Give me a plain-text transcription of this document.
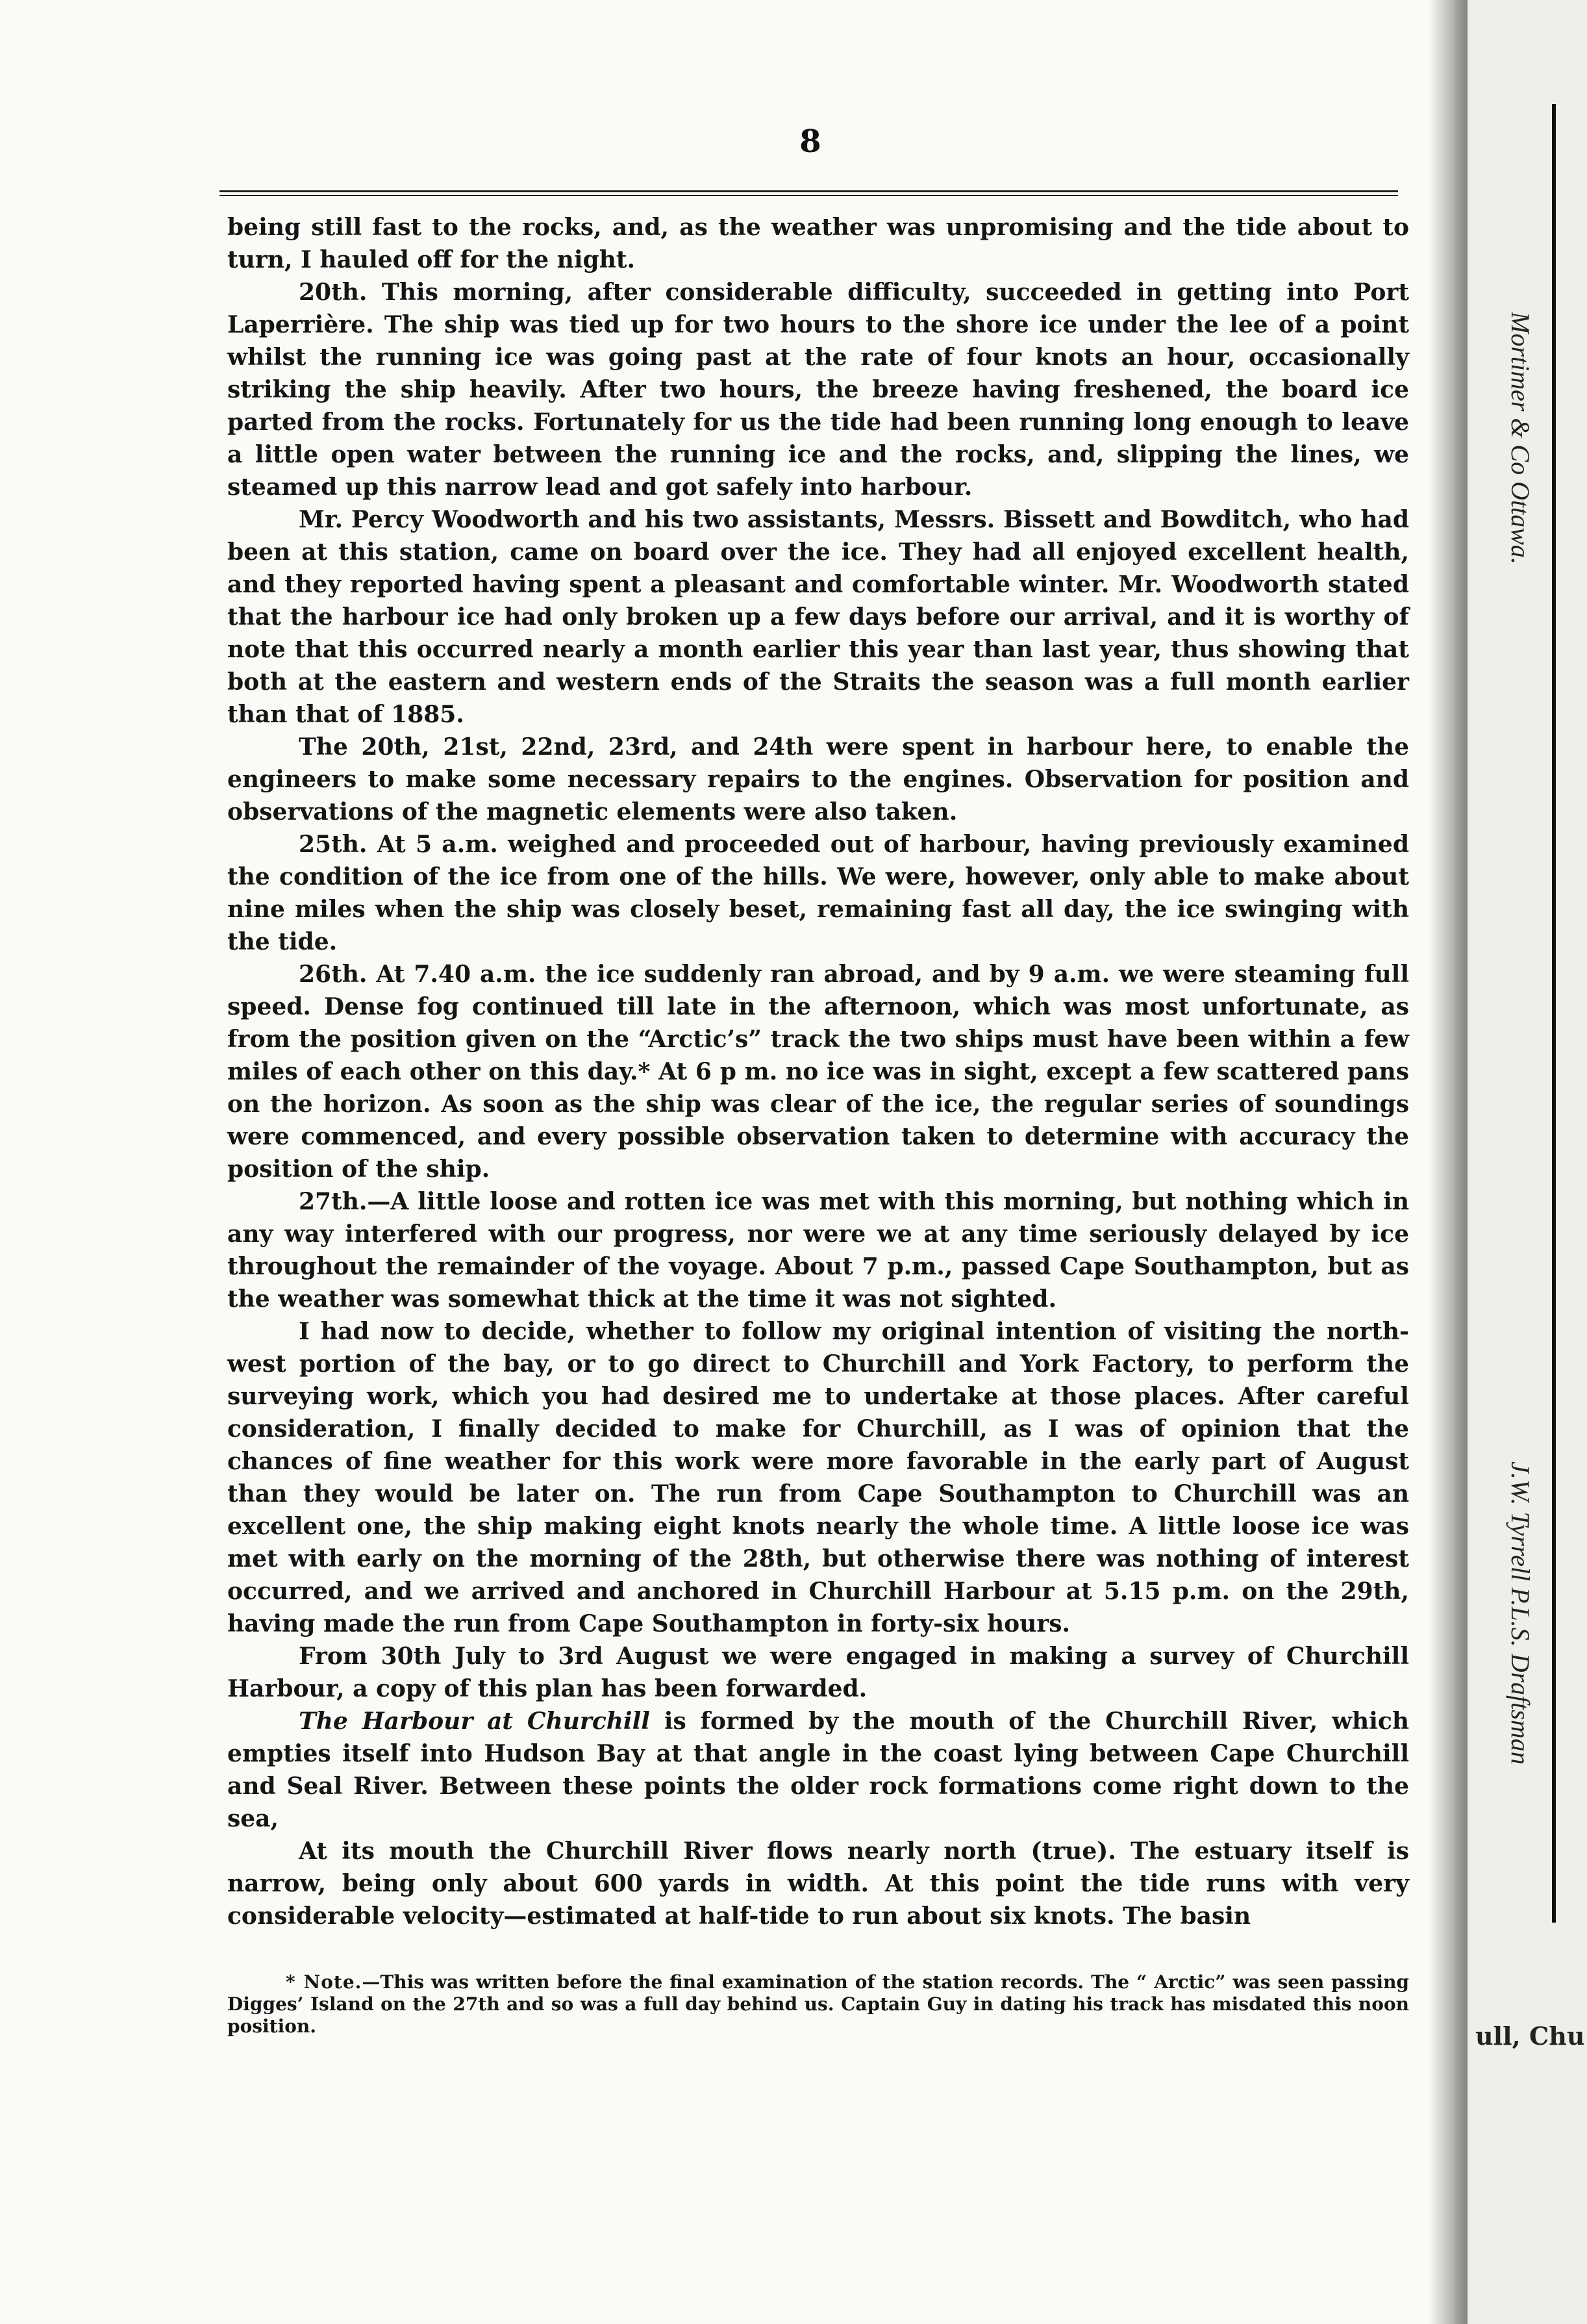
Mortimer & Co Ottawa.
J.W. Tyrrell P.L.S. Draftsman
ull, Chu
8

being still fast to the rocks, and, as the weather was unpromising and the tide about to turn, I hauled off for the night.

20th. This morning, after considerable difficulty, succeeded in getting into Port Laperrière. The ship was tied up for two hours to the shore ice under the lee of a point whilst the running ice was going past at the rate of four knots an hour, occasionally striking the ship heavily. After two hours, the breeze having freshened, the board ice parted from the rocks. Fortunately for us the tide had been running long enough to leave a little open water between the running ice and the rocks, and, slipping the lines, we steamed up this narrow lead and got safely into harbour.

Mr. Percy Woodworth and his two assistants, Messrs. Bissett and Bowditch, who had been at this station, came on board over the ice. They had all enjoyed excellent health, and they reported having spent a pleasant and comfortable winter. Mr. Woodworth stated that the harbour ice had only broken up a few days before our arrival, and it is worthy of note that this occurred nearly a month earlier this year than last year, thus showing that both at the eastern and western ends of the Straits the season was a full month earlier than that of 1885.

The 20th, 21st, 22nd, 23rd, and 24th were spent in harbour here, to enable the engineers to make some necessary repairs to the engines. Observation for position and observations of the magnetic elements were also taken.

25th. At 5 a.m. weighed and proceeded out of harbour, having previously examined the condition of the ice from one of the hills. We were, however, only able to make about nine miles when the ship was closely beset, remaining fast all day, the ice swinging with the tide.

26th. At 7.40 a.m. the ice suddenly ran abroad, and by 9 a.m. we were steaming full speed. Dense fog continued till late in the afternoon, which was most unfortunate, as from the position given on the “Arctic’s” track the two ships must have been within a few miles of each other on this day.* At 6 p m. no ice was in sight, except a few scattered pans on the horizon. As soon as the ship was clear of the ice, the regular series of soundings were commenced, and every possible observation taken to determine with accuracy the position of the ship.

27th.—A little loose and rotten ice was met with this morning, but nothing which in any way interfered with our progress, nor were we at any time seriously delayed by ice throughout the remainder of the voyage. About 7 p.m., passed Cape Southampton, but as the weather was somewhat thick at the time it was not sighted.

I had now to decide, whether to follow my original intention of visiting the north-west portion of the bay, or to go direct to Churchill and York Factory, to perform the surveying work, which you had desired me to undertake at those places. After careful consideration, I finally decided to make for Churchill, as I was of opinion that the chances of fine weather for this work were more favorable in the early part of August than they would be later on. The run from Cape Southampton to Churchill was an excellent one, the ship making eight knots nearly the whole time. A little loose ice was met with early on the morning of the 28th, but otherwise there was nothing of interest occurred, and we arrived and anchored in Churchill Harbour at 5.15 p.m. on the 29th, having made the run from Cape Southampton in forty-six hours.

From 30th July to 3rd August we were engaged in making a survey of Churchill Harbour, a copy of this plan has been forwarded.

The Harbour at Churchill is formed by the mouth of the Churchill River, which empties itself into Hudson Bay at that angle in the coast lying between Cape Churchill and Seal River. Between these points the older rock formations come right down to the sea,

At its mouth the Churchill River flows nearly north (true). The estuary itself is narrow, being only about 600 yards in width. At this point the tide runs with very considerable velocity—estimated at half-tide to run about six knots. The basin

* Note.—This was written before the final examination of the station records. The “ Arctic” was seen passing Digges’ Island on the 27th and so was a full day behind us. Captain Guy in dating his track has misdated this noon position.
